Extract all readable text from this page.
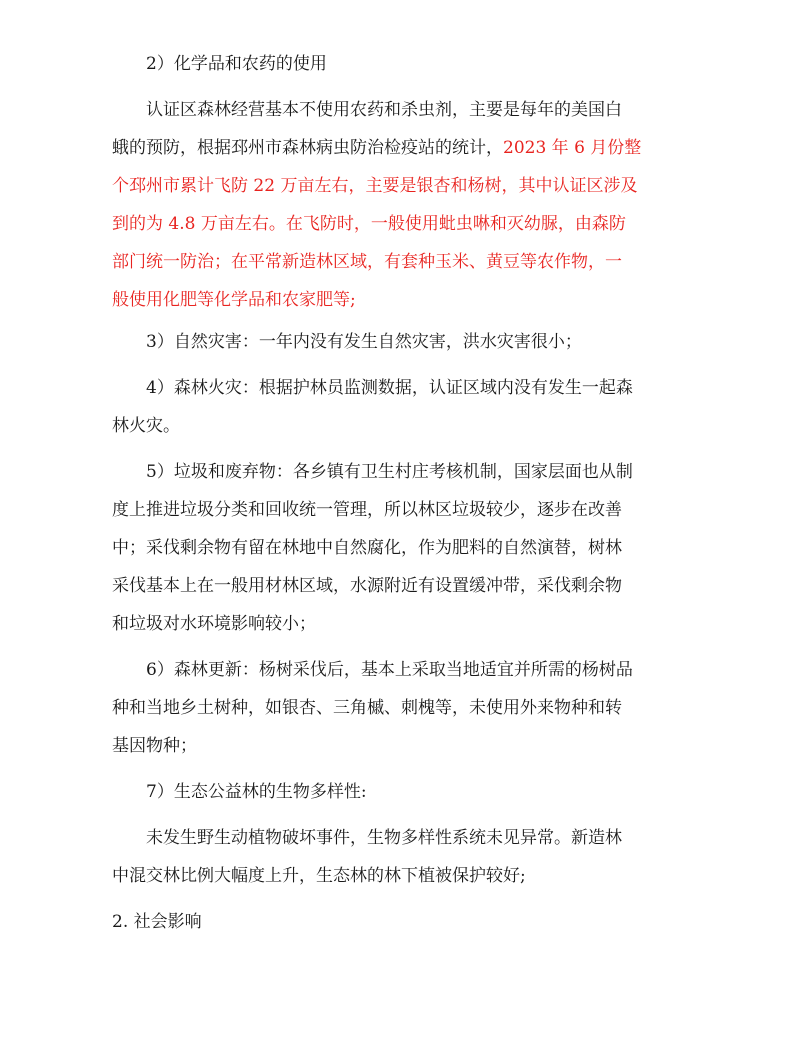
2）化学品和农药的使用
认证区森林经营基本不使用农药和杀虫剂，主要是每年的美国白
蛾的预防，根据邳州市森林病虫防治检疫站的统计，2023 年 6 月份整
个邳州市累计飞防 22 万亩左右，主要是银杏和杨树，其中认证区涉及
到的为 4.8 万亩左右。在飞防时，一般使用蚍虫啉和灭幼脲，由森防
部门统一防治；在平常新造林区域，有套种玉米、黄豆等农作物，一
般使用化肥等化学品和农家肥等;
3）自然灾害：一年内没有发生自然灾害，洪水灾害很小；
4）森林火灾：根据护林员监测数据，认证区域内没有发生一起森
林火灾。
5）垃圾和废弃物：各乡镇有卫生村庄考核机制，国家层面也从制
度上推进垃圾分类和回收统一管理，所以林区垃圾较少，逐步在改善
中；采伐剩余物有留在林地中自然腐化，作为肥料的自然演替，树林
采伐基本上在一般用材林区域，水源附近有设置缓冲带，采伐剩余物
和垃圾对水环境影响较小；
6）森林更新：杨树采伐后，基本上采取当地适宜并所需的杨树品
种和当地乡土树种，如银杏、三角槭、刺槐等，未使用外来物种和转
基因物种；
7）生态公益林的生物多样性:
未发生野生动植物破坏事件，生物多样性系统未见异常。新造林
中混交林比例大幅度上升，生态林的林下植被保护较好;
2. 社会影响
